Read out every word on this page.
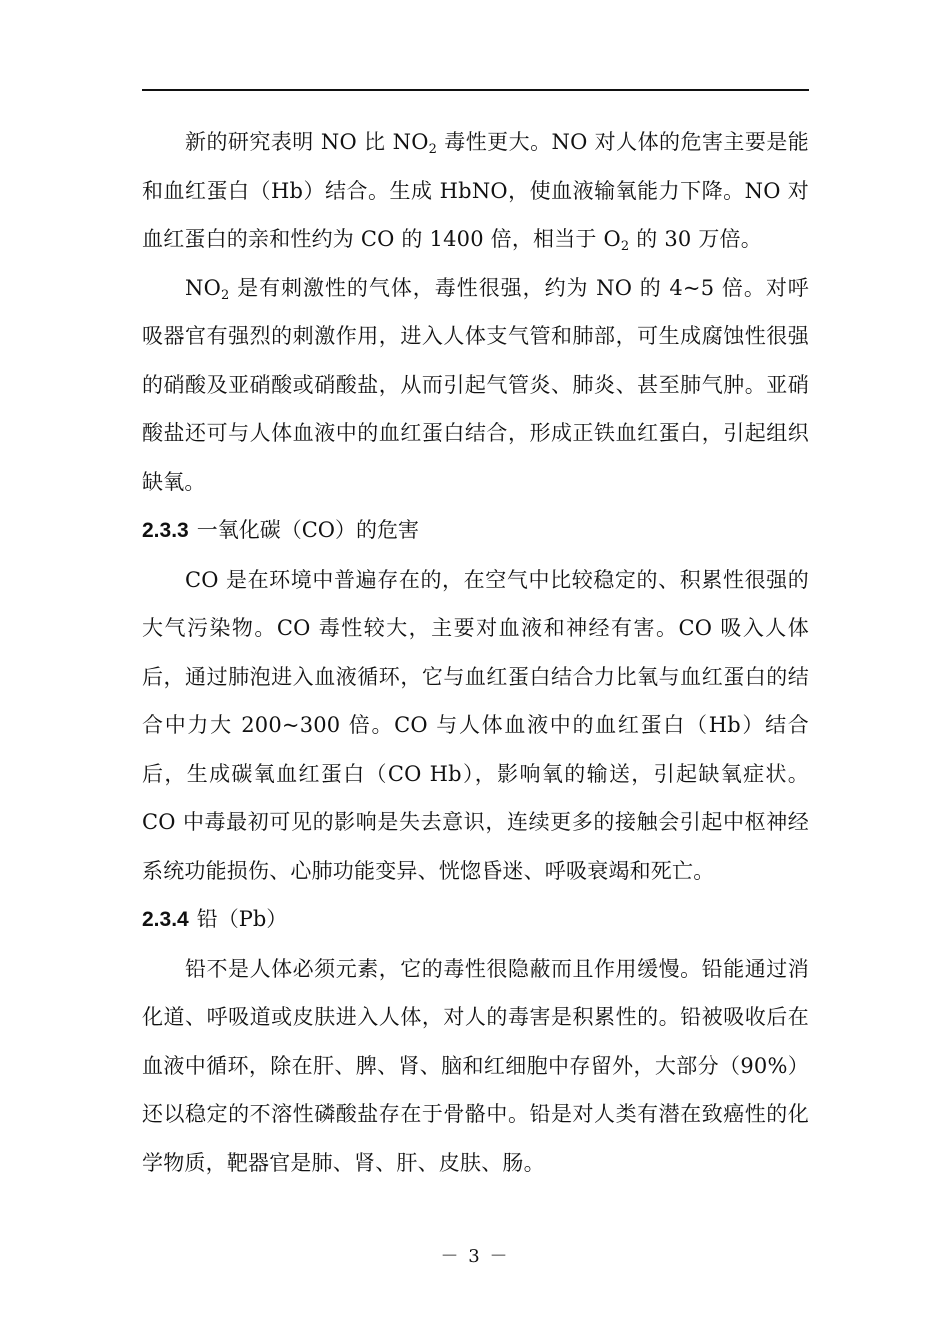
新的研究表明 NO 比 $NO_2$ 毒性更大。NO 对人体的危害主要是能和血红蛋白（Hb）结合。生成 HbNO，使血液输氧能力下降。NO 对血红蛋白的亲和性约为 CO 的 1400 倍，相当于 $O_2$ 的 30 万倍。

$NO_2$ 是有刺激性的气体，毒性很强，约为 NO 的 4~5 倍。对呼吸器官有强烈的刺激作用，进入人体支气管和肺部，可生成腐蚀性很强的硝酸及亚硝酸或硝酸盐，从而引起气管炎、肺炎、甚至肺气肿。亚硝酸盐还可与人体血液中的血红蛋白结合，形成正铁血红蛋白，引起组织缺氧。

2.3.3 一氧化碳（CO）的危害

CO 是在环境中普遍存在的，在空气中比较稳定的、积累性很强的大气污染物。CO 毒性较大，主要对血液和神经有害。CO 吸入人体后，通过肺泡进入血液循环，它与血红蛋白结合力比氧与血红蛋白的结合中力大 200~300 倍。CO 与人体血液中的血红蛋白（Hb）结合后，生成碳氧血红蛋白（CO Hb），影响氧的输送，引起缺氧症状。CO 中毒最初可见的影响是失去意识，连续更多的接触会引起中枢神经系统功能损伤、心肺功能变异、恍惚昏迷、呼吸衰竭和死亡。

2.3.4 铅（Pb）

铅不是人体必须元素，它的毒性很隐蔽而且作用缓慢。铅能通过消化道、呼吸道或皮肤进入人体，对人的毒害是积累性的。铅被吸收后在血液中循环，除在肝、脾、肾、脑和红细胞中存留外，大部分（90%）还以稳定的不溶性磷酸盐存在于骨骼中。铅是对人类有潜在致癌性的化学物质，靶器官是肺、肾、肝、皮肤、肠。

－ 3 －
